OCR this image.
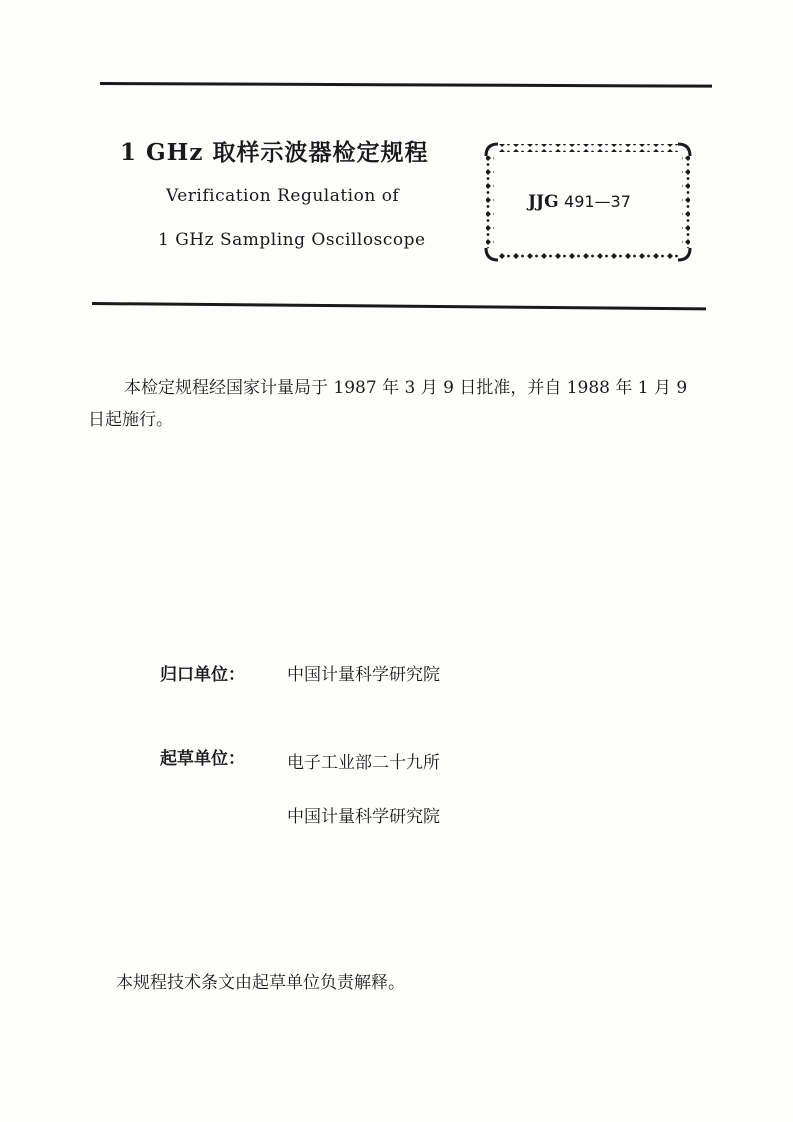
1 GHz 取样示波器检定规程
Verification Regulation of
1 GHz Sampling Oscilloscope
JJG 491—37
本检定规程经国家计量局于 1987 年 3 月 9 日批准，并自 1988 年 1 月 9 日起施行。
归口单位： 中国计量科学研究院
起草单位： 电子工业部二十九所
中国计量科学研究院
本规程技术条文由起草单位负责解释。
